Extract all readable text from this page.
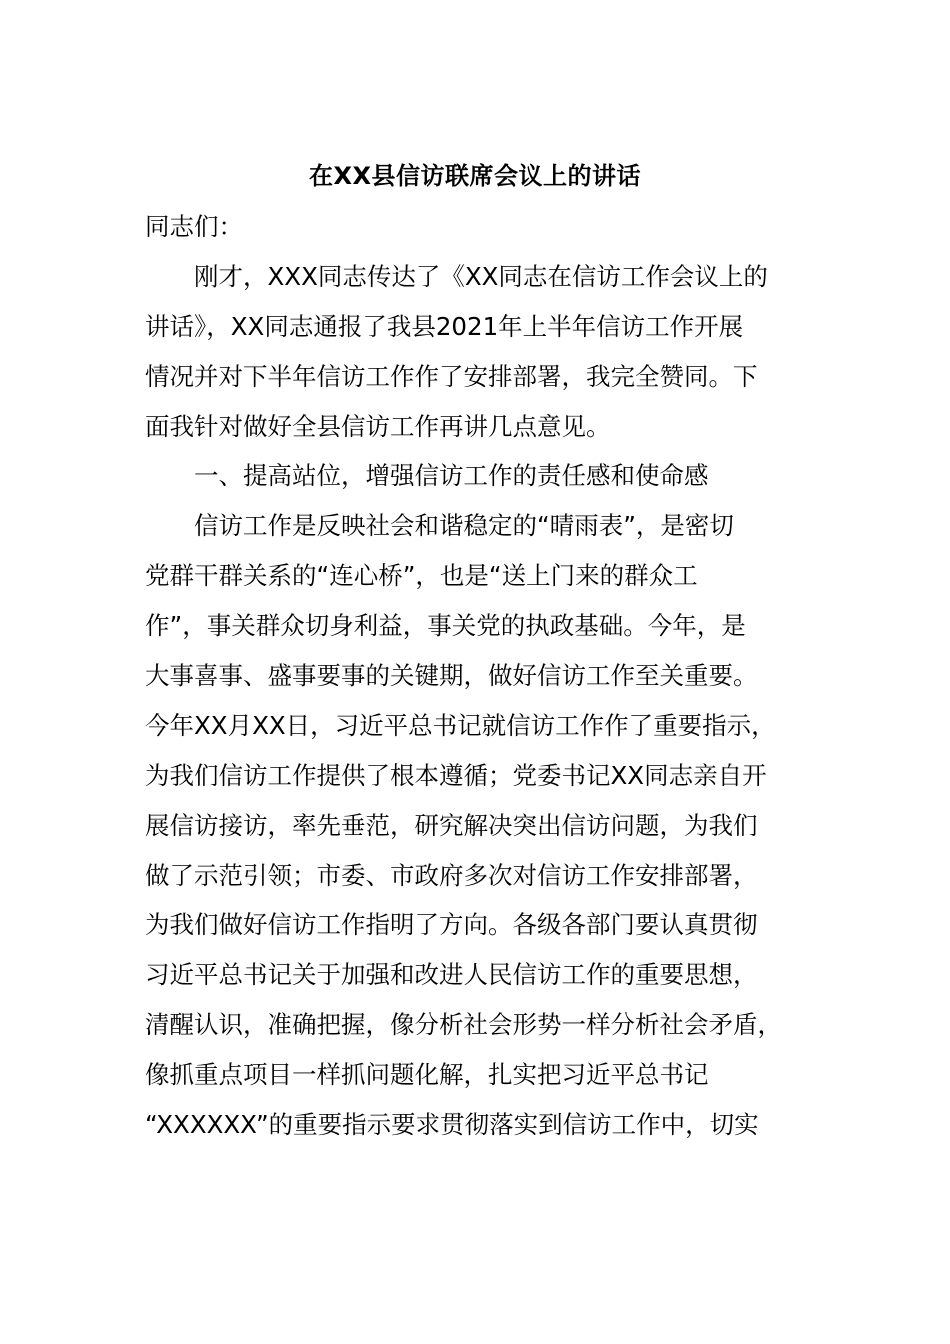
在XX县信访联席会议上的讲话
同志们：
刚才，XXX同志传达了《XX同志在信访工作会议上的
讲话》，XX同志通报了我县2021年上半年信访工作开展
情况并对下半年信访工作作了安排部署，我完全赞同。下
面我针对做好全县信访工作再讲几点意见。
一、提高站位，增强信访工作的责任感和使命感
信访工作是反映社会和谐稳定的“晴雨表”，是密切
党群干群关系的“连心桥”，也是“送上门来的群众工
作”，事关群众切身利益，事关党的执政基础。今年，是
大事喜事、盛事要事的关键期，做好信访工作至关重要。
今年XX月XX日，习近平总书记就信访工作作了重要指示，
为我们信访工作提供了根本遵循；党委书记XX同志亲自开
展信访接访，率先垂范，研究解决突出信访问题，为我们
做了示范引领；市委、市政府多次对信访工作安排部署，
为我们做好信访工作指明了方向。各级各部门要认真贯彻
习近平总书记关于加强和改进人民信访工作的重要思想，
清醒认识，准确把握，像分析社会形势一样分析社会矛盾，
像抓重点项目一样抓问题化解，扎实把习近平总书记
“XXXXXX”的重要指示要求贯彻落实到信访工作中，切实
